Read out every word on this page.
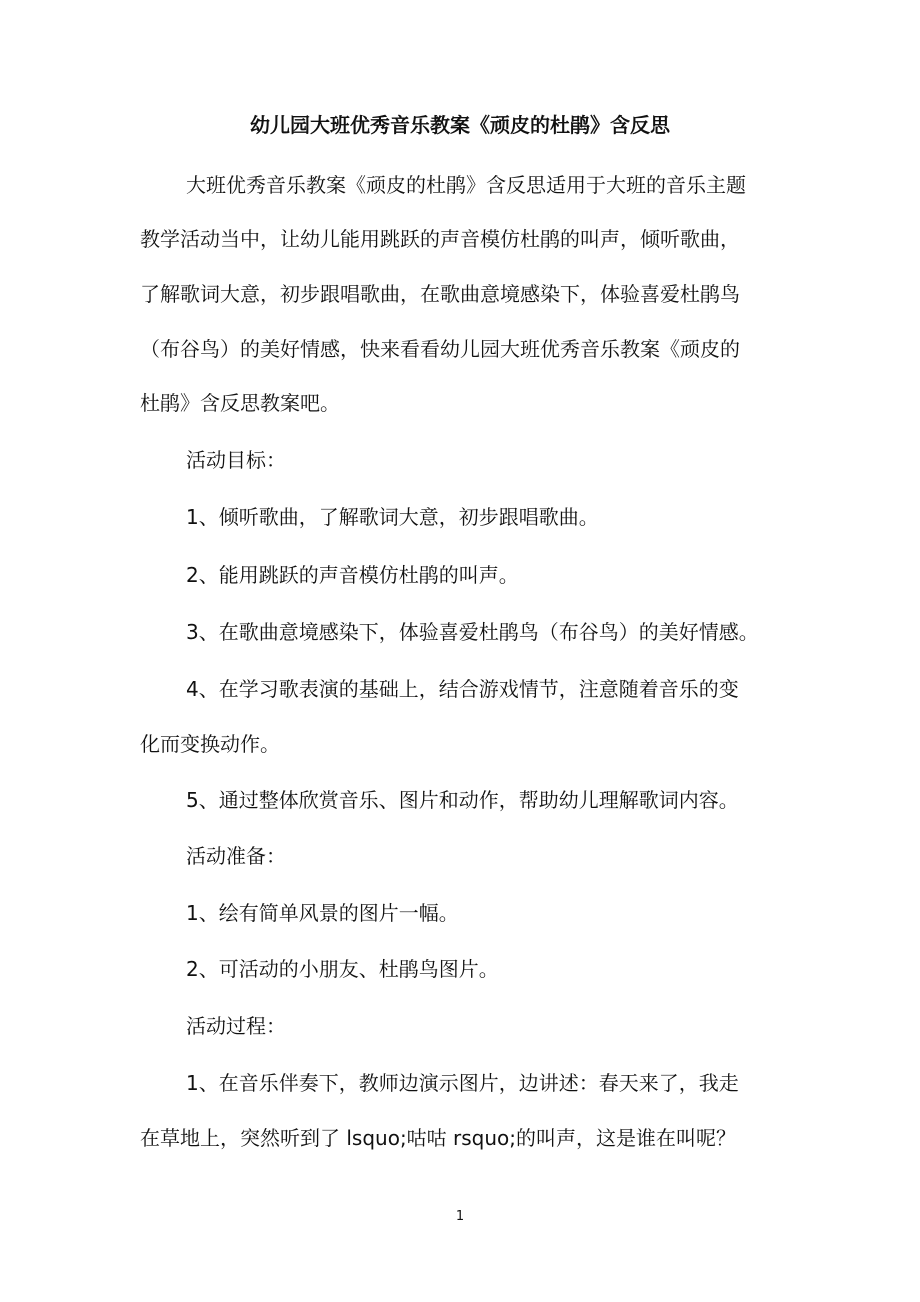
幼儿园大班优秀音乐教案《顽皮的杜鹃》含反思
大班优秀音乐教案《顽皮的杜鹃》含反思适用于大班的音乐主题
教学活动当中，让幼儿能用跳跃的声音模仿杜鹃的叫声，倾听歌曲，
了解歌词大意，初步跟唱歌曲，在歌曲意境感染下，体验喜爱杜鹃鸟
（布谷鸟）的美好情感，快来看看幼儿园大班优秀音乐教案《顽皮的
杜鹃》含反思教案吧。
活动目标：
1、倾听歌曲，了解歌词大意，初步跟唱歌曲。
2、能用跳跃的声音模仿杜鹃的叫声。
3、在歌曲意境感染下，体验喜爱杜鹃鸟（布谷鸟）的美好情感。
4、在学习歌表演的基础上，结合游戏情节，注意随着音乐的变
化而变换动作。
5、通过整体欣赏音乐、图片和动作，帮助幼儿理解歌词内容。
活动准备：
1、绘有简单风景的图片一幅。
2、可活动的小朋友、杜鹃鸟图片。
活动过程：
1、在音乐伴奏下，教师边演示图片，边讲述：春天来了，我走
在草地上，突然听到了 lsquo;咕咕 rsquo;的叫声，这是谁在叫呢？
1
